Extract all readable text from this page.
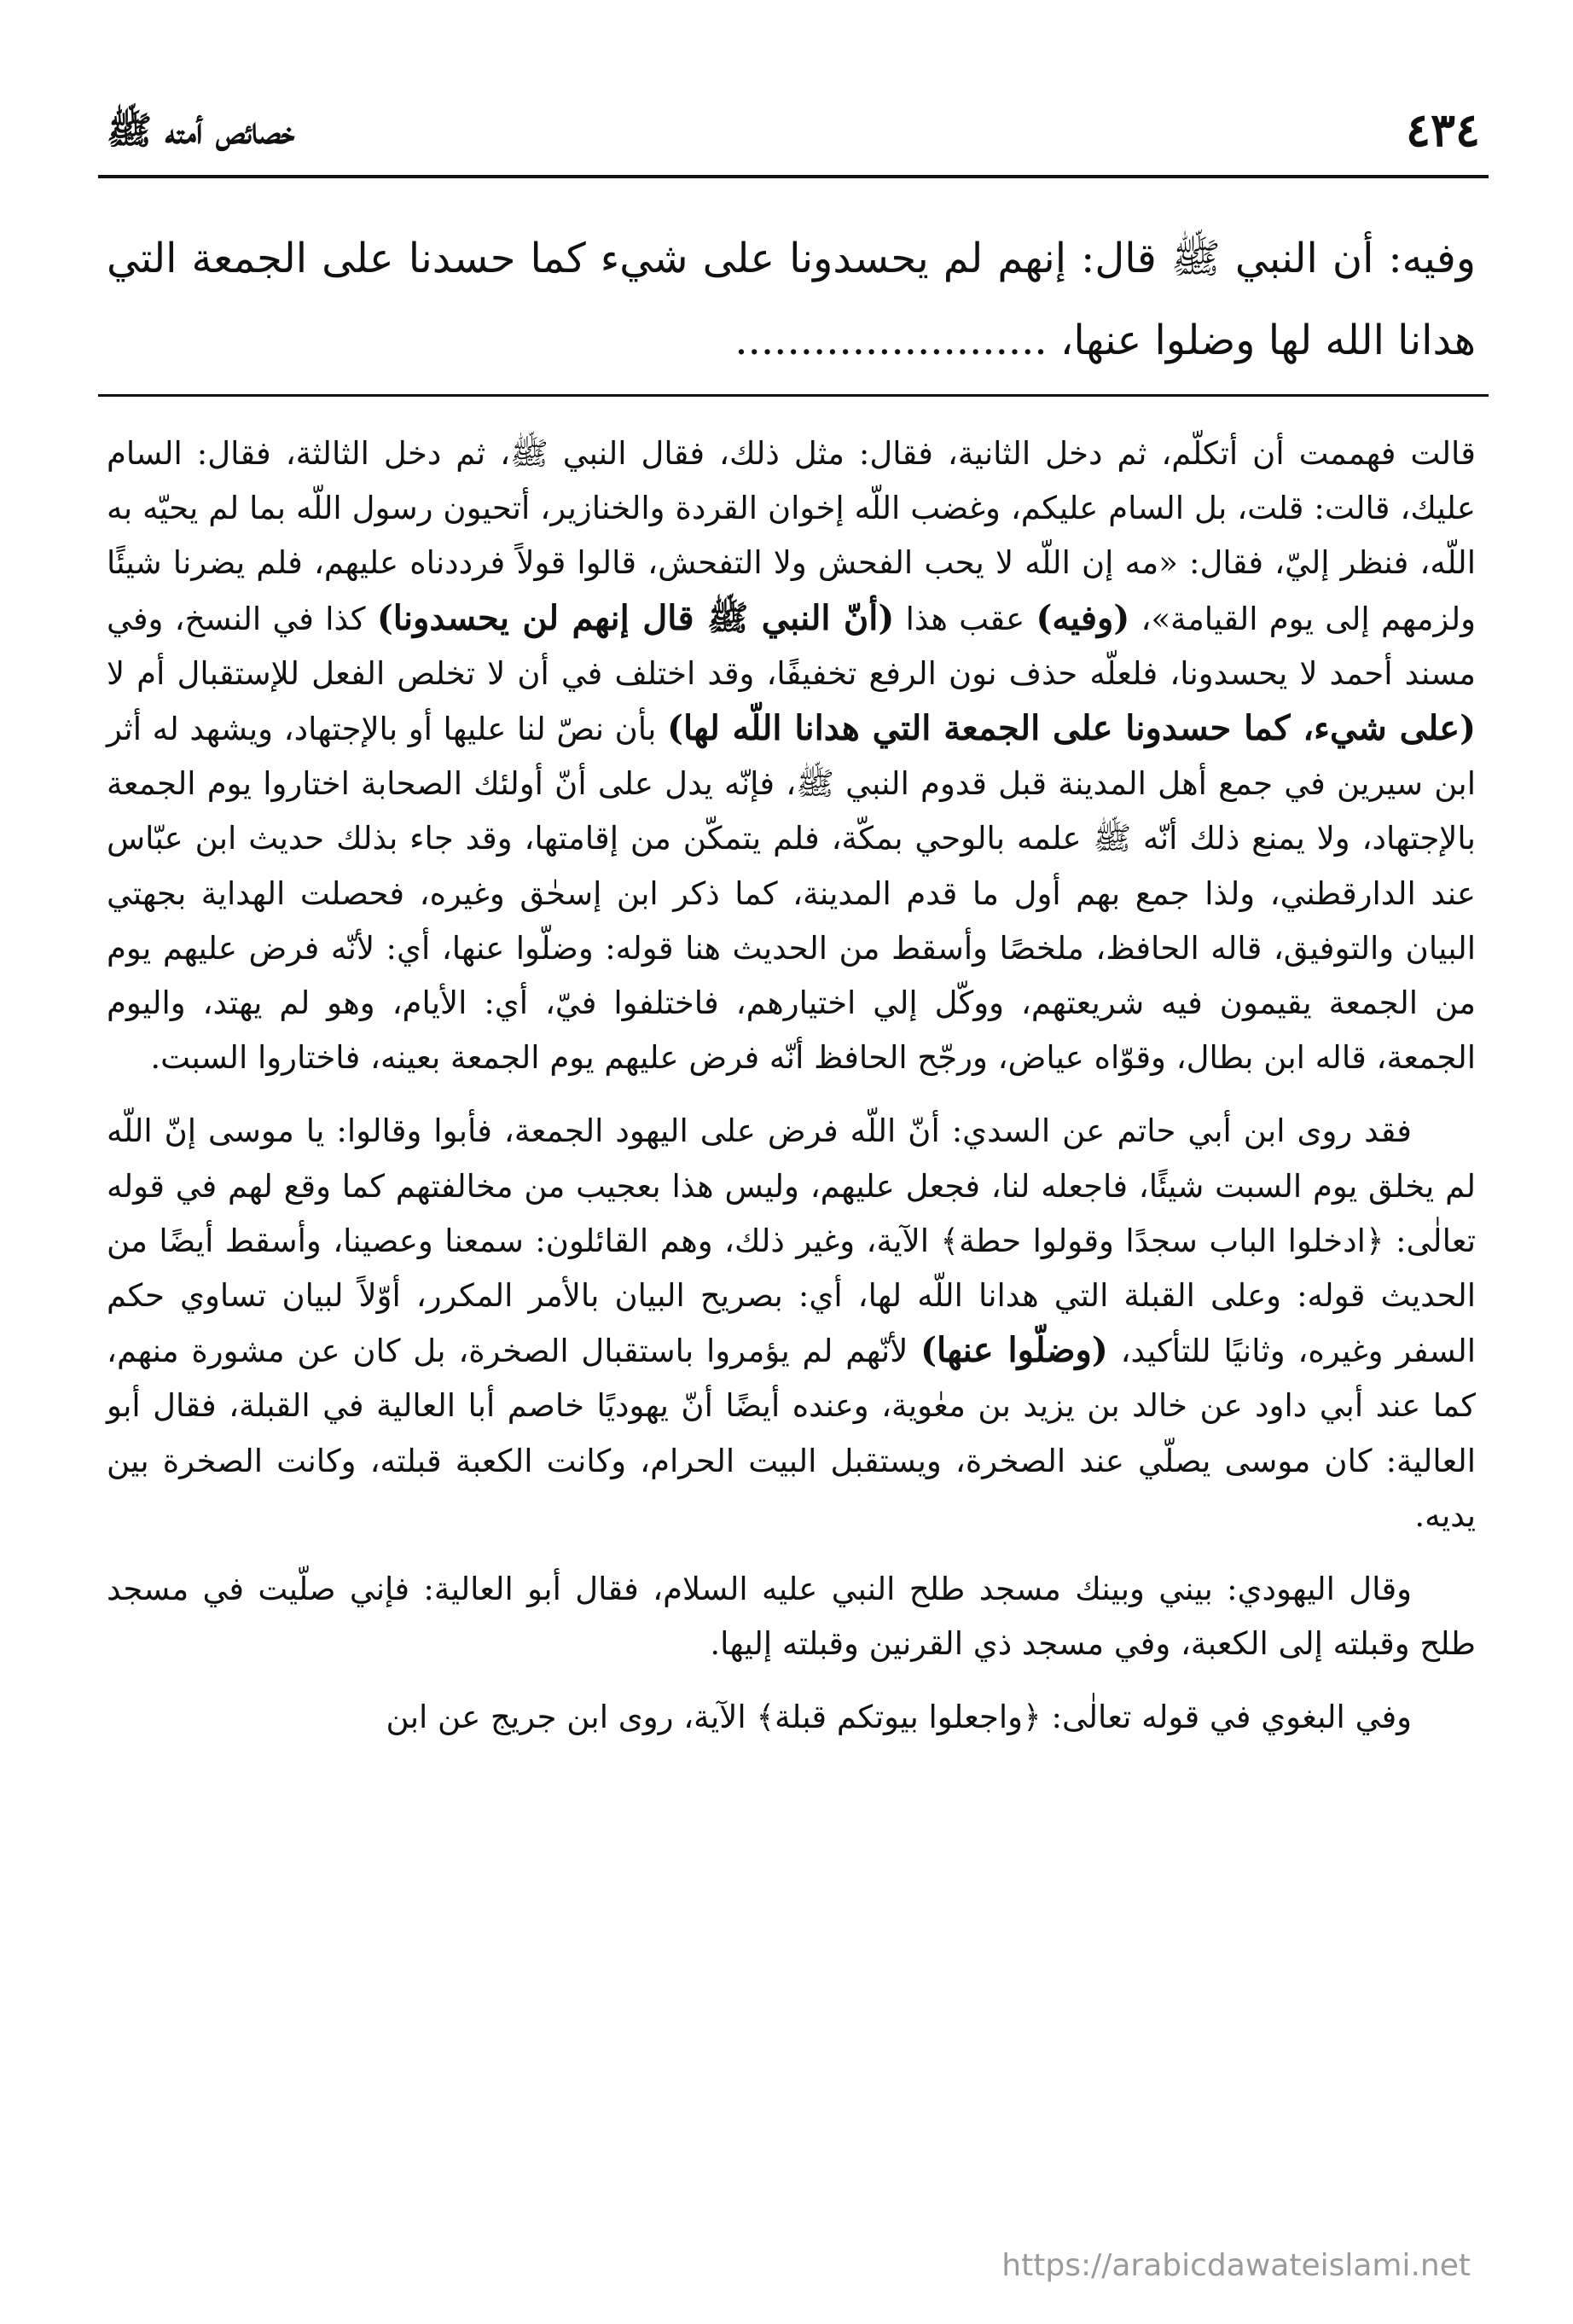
٤٣٤
خصائص أمته ﷺ

وفيه: أن النبي ﷺ قال: إنهم لم يحسدونا على شيء كما حسدنا على الجمعة التي هدانا الله لها وضلوا عنها، ........................

قالت فهممت أن أتكلّم، ثم دخل الثانية، فقال: مثل ذلك، فقال النبي ﷺ، ثم دخل الثالثة، فقال: السام عليك، قالت: قلت، بل السام عليكم، وغضب اللّه إخوان القردة والخنازير، أتحيون رسول اللّه بما لم يحيّه به اللّه، فنظر إليّ، فقال: «مه إن اللّه لا يحب الفحش ولا التفحش، قالوا قولاً فرددناه عليهم، فلم يضرنا شيئًا ولزمهم إلى يوم القيامة»، (وفيه) عقب هذا (أنّ النبي ﷺ قال إنهم لن يحسدونا) كذا في النسخ، وفي مسند أحمد لا يحسدونا، فلعلّه حذف نون الرفع تخفيفًا، وقد اختلف في أن لا تخلص الفعل للإستقبال أم لا (على شيء، كما حسدونا على الجمعة التي هدانا اللّه لها) بأن نصّ لنا عليها أو بالإجتهاد، ويشهد له أثر ابن سيرين في جمع أهل المدينة قبل قدوم النبي ﷺ، فإنّه يدل على أنّ أولئك الصحابة اختاروا يوم الجمعة بالإجتهاد، ولا يمنع ذلك أنّه ﷺ علمه بالوحي بمكّة، فلم يتمكّن من إقامتها، وقد جاء بذلك حديث ابن عبّاس عند الدارقطني، ولذا جمع بهم أول ما قدم المدينة، كما ذكر ابن إسحٰق وغيره، فحصلت الهداية بجهتي البيان والتوفيق، قاله الحافظ، ملخصًا وأسقط من الحديث هنا قوله: وضلّوا عنها، أي: لأنّه فرض عليهم يوم من الجمعة يقيمون فيه شريعتهم، ووكّل إلي اختيارهم، فاختلفوا فيّ، أي: الأيام، وهو لم يهتد، واليوم الجمعة، قاله ابن بطال، وقوّاه عياض، ورجّح الحافظ أنّه فرض عليهم يوم الجمعة بعينه، فاختاروا السبت.

فقد روى ابن أبي حاتم عن السدي: أنّ اللّه فرض على اليهود الجمعة، فأبوا وقالوا: يا موسى إنّ اللّه لم يخلق يوم السبت شيئًا، فاجعله لنا، فجعل عليهم، وليس هذا بعجيب من مخالفتهم كما وقع لهم في قوله تعالٰى: ﴿ادخلوا الباب سجدًا وقولوا حطة﴾ الآية، وغير ذلك، وهم القائلون: سمعنا وعصينا، وأسقط أيضًا من الحديث قوله: وعلى القبلة التي هدانا اللّه لها، أي: بصريح البيان بالأمر المكرر، أوّلاً لبيان تساوي حكم السفر وغيره، وثانيًا للتأكيد، (وضلّوا عنها) لأنّهم لم يؤمروا باستقبال الصخرة، بل كان عن مشورة منهم، كما عند أبي داود عن خالد بن يزيد بن معٰوية، وعنده أيضًا أنّ يهوديًا خاصم أبا العالية في القبلة، فقال أبو العالية: كان موسى يصلّي عند الصخرة، ويستقبل البيت الحرام، وكانت الكعبة قبلته، وكانت الصخرة بين يديه.

وقال اليهودي: بيني وبينك مسجد طلح النبي عليه السلام، فقال أبو العالية: فإني صلّيت في مسجد طلح وقبلته إلى الكعبة، وفي مسجد ذي القرنين وقبلته إليها.

وفي البغوي في قوله تعالٰى: ﴿واجعلوا بيوتكم قبلة﴾ الآية، روى ابن جريج عن ابن

https://arabicdawateislami.net
